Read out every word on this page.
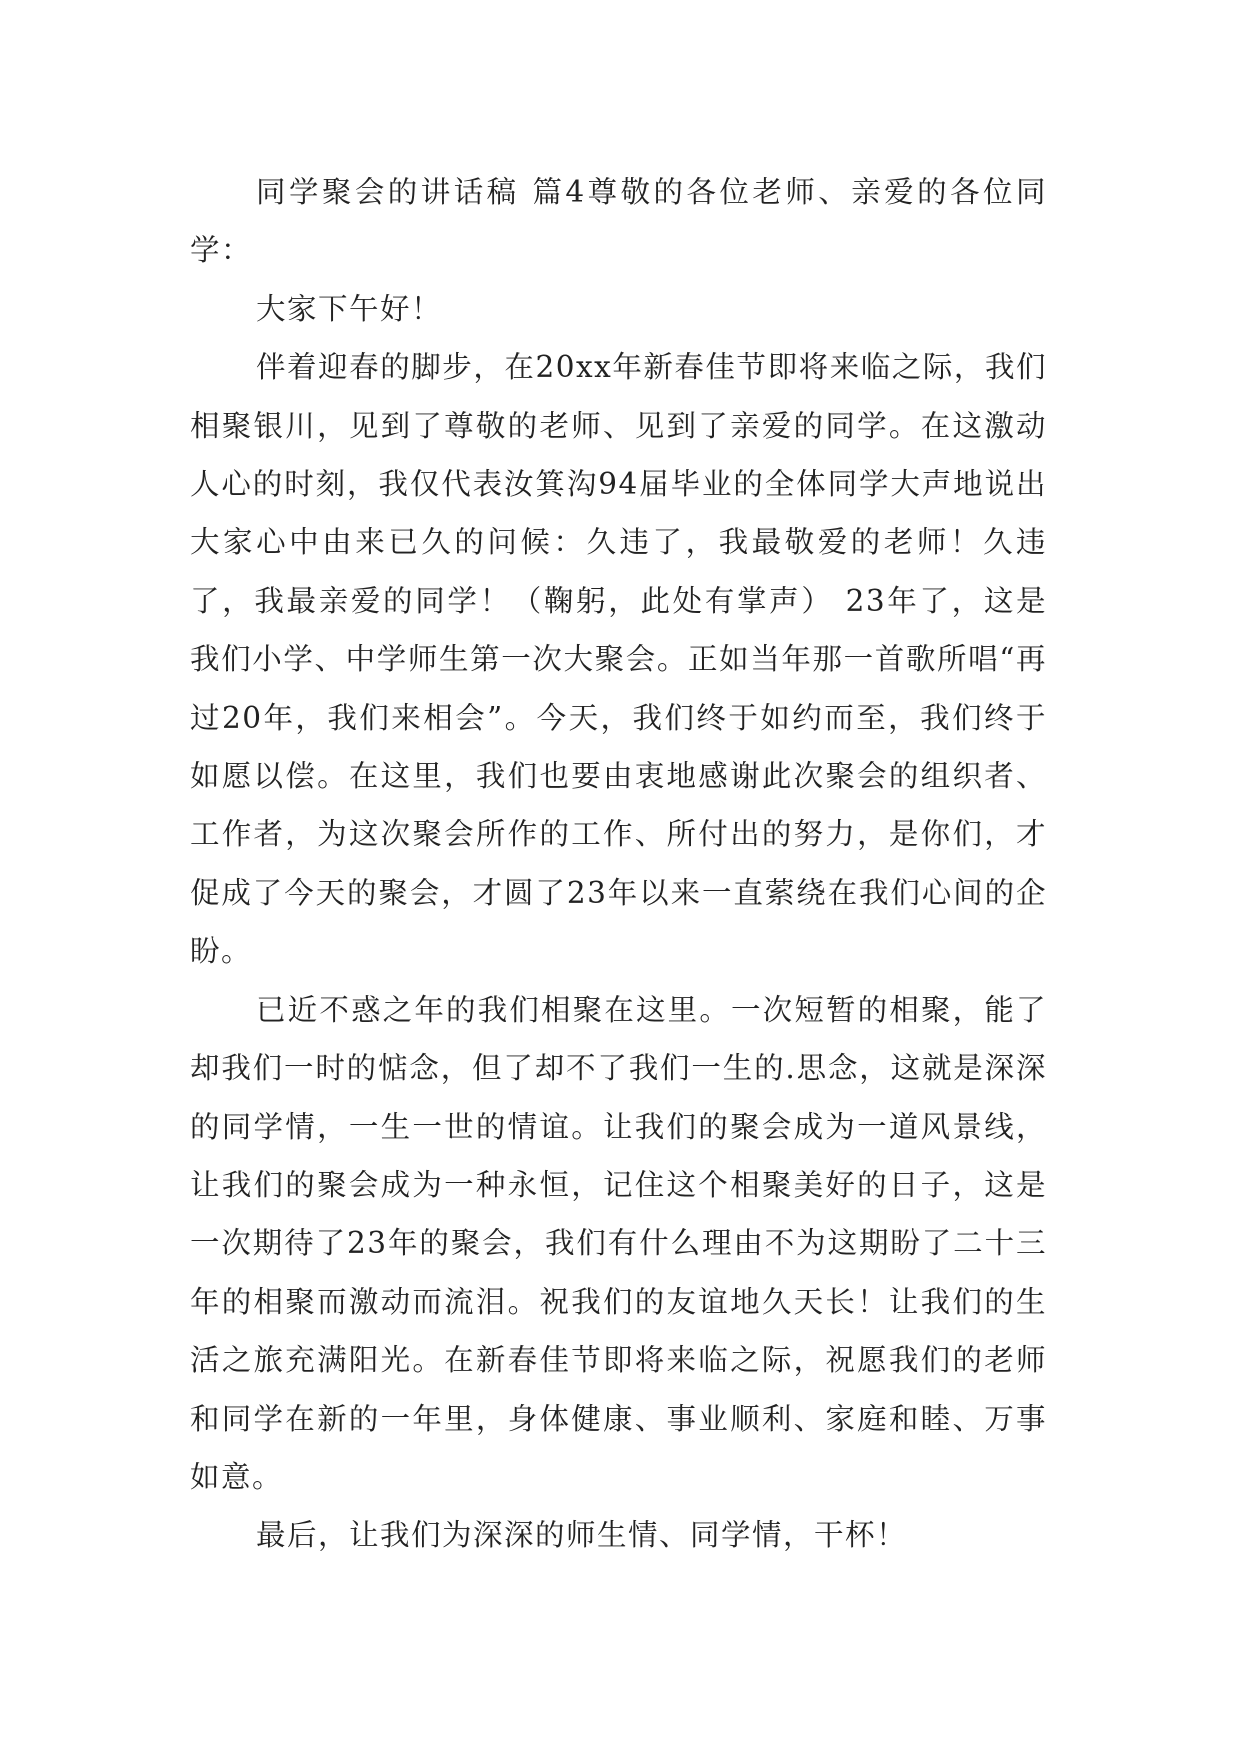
同学聚会的讲话稿 篇4尊敬的各位老师、亲爱的各位同学：

大家下午好！

伴着迎春的脚步，在20xx年新春佳节即将来临之际，我们相聚银川，见到了尊敬的老师、见到了亲爱的同学。在这激动人心的时刻，我仅代表汝箕沟94届毕业的全体同学大声地说出大家心中由来已久的问候：久违了，我最敬爱的老师！久违了，我最亲爱的同学！（鞠躬，此处有掌声） 23年了，这是我们小学、中学师生第一次大聚会。正如当年那一首歌所唱“再过20年，我们来相会”。今天，我们终于如约而至，我们终于如愿以偿。在这里，我们也要由衷地感谢此次聚会的组织者、工作者，为这次聚会所作的工作、所付出的努力，是你们，才促成了今天的聚会，才圆了23年以来一直萦绕在我们心间的企盼。

已近不惑之年的我们相聚在这里。一次短暂的相聚，能了却我们一时的惦念，但了却不了我们一生的.思念，这就是深深的同学情，一生一世的情谊。让我们的聚会成为一道风景线，让我们的聚会成为一种永恒，记住这个相聚美好的日子，这是一次期待了23年的聚会，我们有什么理由不为这期盼了二十三年的相聚而激动而流泪。祝我们的友谊地久天长！让我们的生活之旅充满阳光。在新春佳节即将来临之际，祝愿我们的老师和同学在新的一年里，身体健康、事业顺利、家庭和睦、万事如意。

最后，让我们为深深的师生情、同学情，干杯！
